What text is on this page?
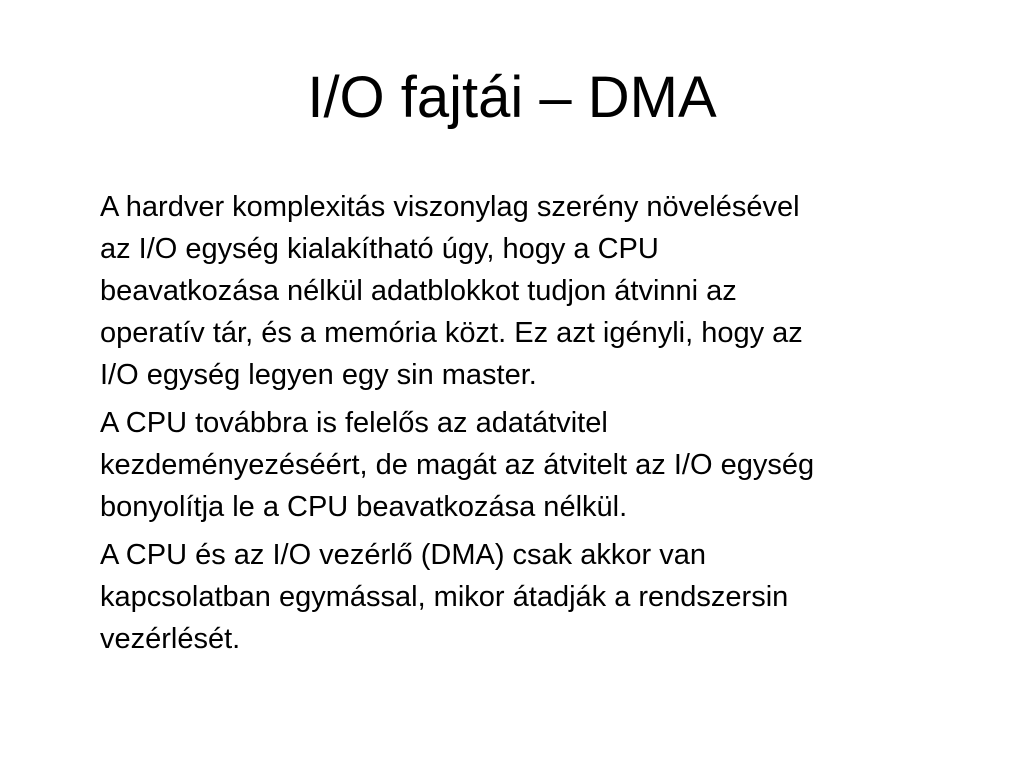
I/O fajtái – DMA

A hardver komplexitás viszonylag szerény növelésével
az I/O egység kialakítható úgy, hogy a CPU
beavatkozása nélkül adatblokkot tudjon átvinni az
operatív tár, és a memória közt. Ez azt igényli, hogy az
I/O egység legyen egy sin master.

A CPU továbbra is felelős az adatátvitel
kezdeményezéséért, de magát az átvitelt az I/O egység
bonyolítja le a CPU beavatkozása nélkül.

A CPU és az I/O vezérlő (DMA) csak akkor van
kapcsolatban egymással, mikor átadják a rendszersin
vezérlését.
